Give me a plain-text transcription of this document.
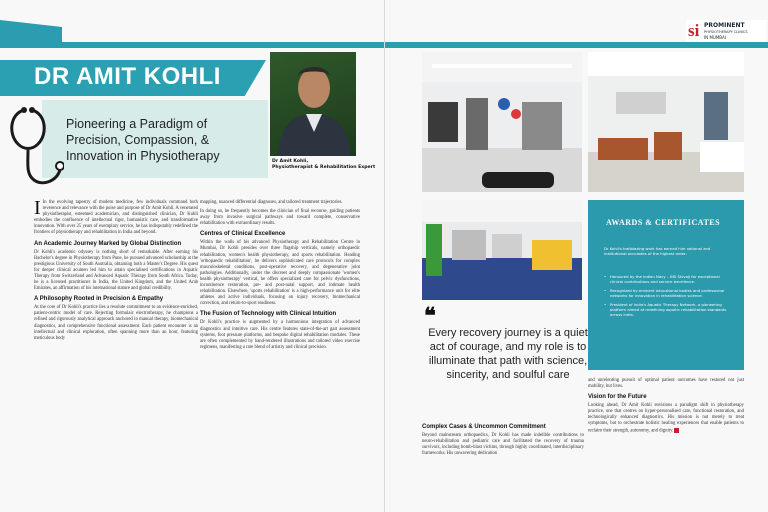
si PROMINENT
PHYSIOTHERAPY CLINICS
IN MUMBAI
DR AMIT KOHLI
Pioneering a Paradigm of Precision, Compassion, & Innovation in Physiotherapy	Dr Amit Kohli,
Physiotherapist & Rehabilitation Expert

I In the evolving tapestry of modern medicine, few individuals command both reverence and relevance with the poise and purpose of Dr Amit Kohli. A venerated physiotherapist, esteemed academician, and distinguished clinician, Dr Kohli embodies the confluence of intellectual rigor, humanistic care, and transformative innovation. With over 25 years of exemplary service, he has indisputably redefined the frontiers of physiotherapy and rehabilitation in India and beyond.

An Academic Journey Marked by Global Distinction

Dr Kohli's academic odyssey is nothing short of remarkable. After earning his Bachelor's degree in Physiotherapy from Pune, he pursued advanced scholarship at the prestigious University of South Australia, obtaining both a Master's Degree. His quest for deeper clinical acumen led him to attain specialised certifications in Aquatic Therapy from Switzerland and Advanced Aquatic Therapy from South Africa. Today, he is a licensed practitioner in India, the United Kingdom, and the United Arab Emirates, an affirmation of his international stature and global credibility.

A Philosophy Rooted in Precision & Empathy

At the core of Dr Kohli's practice lies a resolute commitment to an evidence-enriched, patient-centric model of care. Rejecting formulaic electrotherapy, he champions a refined and rigorously analytical approach anchored in manual therapy, biomechanical diagnostics, and comprehensive functional assessment. Each patient encounter is an intellectual and clinical exploration, often spanning more than an hour, featuring meticulous body

mapping, nuanced differential diagnoses, and tailored treatment trajectories.

In doing so, he frequently becomes the clinician of final recourse, guiding patients away from invasive surgical pathways and toward complete, conservative rehabilitation with extraordinary results.

Centres of Clinical Excellence

Within the walls of his advanced Physiotherapy and Rehabilitation Centre in Mumbai, Dr Kohli presides over three flagship verticals, namely orthopaedic rehabilitation, women's health physiotherapy, and sports rehabilitation. Heading 'orthopaedic rehabilitation', he delivers sophisticated care protocols for complex musculoskeletal conditions, post-operative recovery, and degenerative joint pathologies. Additionally, under the discreet and deeply compassionate 'women's health physiotherapy' vertical, he offers specialized care for pelvic dysfunctions, incontinence restoration, pre- and post-natal support, and intimate health rehabilitation. Elsewhere, 'sports rehabilitation' is a high-performance unit for elite athletes and active individuals, focusing on injury recovery, biomechanical correction, and return-to-sport readiness.

The Fusion of Technology with Clinical Intuition

Dr Kohli's practice is augmented by a harmonious integration of advanced diagnostics and intuitive care. His centre features state-of-the-art gait assessment systems, foot pressure platforms, and bespoke digital rehabilitation modules. These are often complemented by hand-rendered illustrations and tailored video exercise regimens, manifesting a rare blend of artistry and clinical precision.

AWARDS & CERTIFICATES
Dr Kohli's trailblazing work has earned him national and institutional accolades of the highest order:
• Honoured by the Indian Navy – INS Shivaji for exceptional clinical contributions and service excellence.
• Recognized by eminent educational bodies and professional networks for innovation in rehabilitation science.
• President of India's Aquatic Therapy Network, a pioneering platform aimed at redefining aquatic rehabilitation standards across India.
❝
Every recovery journey is a quiet act of courage, and my role is to illuminate that path with science, sincerity, and soulful care
Complex Cases & Uncommon Commitment

Beyond mainstream orthopaedics, Dr Kohli has made indelible contributions to neuro-rehabilitation and pediatric care and facilitated the recovery of trauma survivors, including bomb-blast victims, through highly coordinated, interdisciplinary frameworks. His unwavering dedication

and unrelenting pursuit of optimal patient outcomes have restored not just mobility, but lives.

Vision for the Future

Looking ahead, Dr Amit Kohli envisions a paradigm shift in physiotherapy practice, one that centres on hyper-personalised care, functional restoration, and technologically enhanced diagnostics. His mission is not merely to treat symptoms, but to orchestrate holistic healing experiences that enable patients to reclaim their strength, autonomy, and dignity.
